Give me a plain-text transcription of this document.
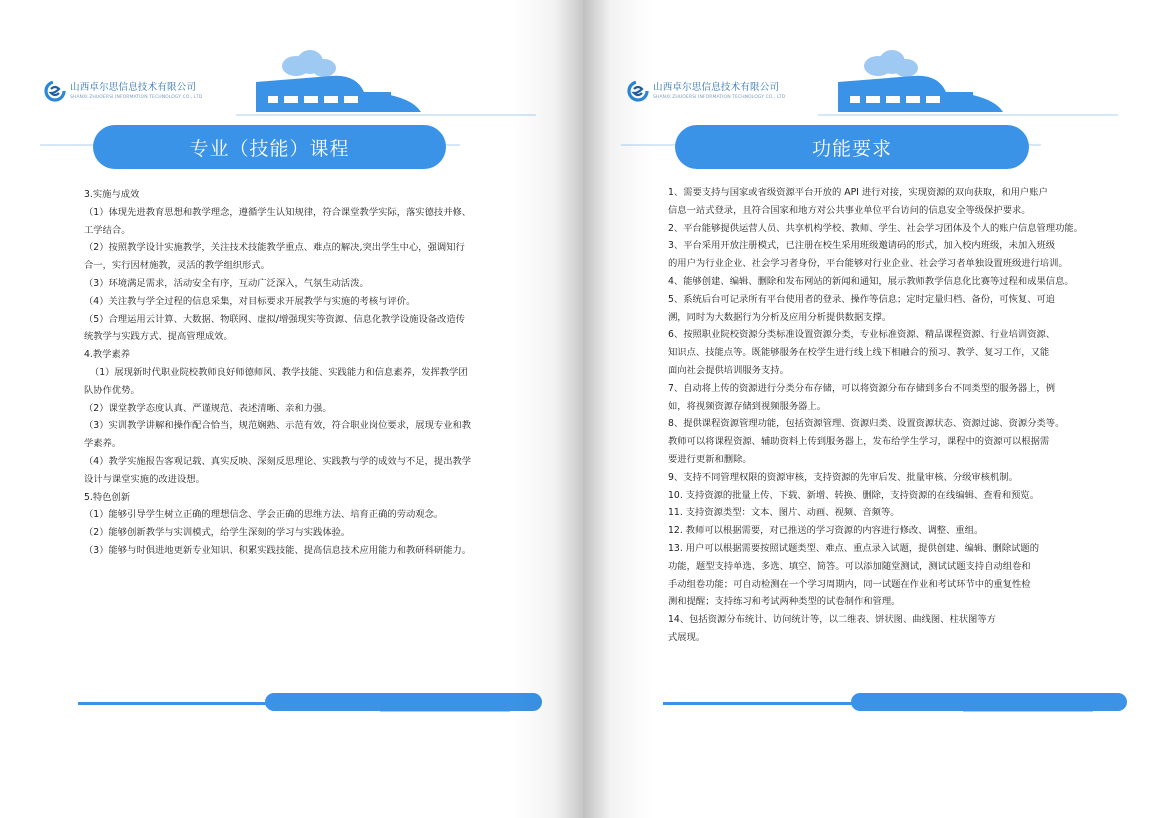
山西卓尔思信息技术有限公司
SHANXI ZHUOERSI INFORMATION TECHNOLOGY CO., LTD
专业（技能）课程

3.实施与成效

（1）体现先进教育思想和教学理念，遵循学生认知规律，符合课堂教学实际，落实德技并修、

工学结合。

（2）按照教学设计实施教学，关注技术技能教学重点、难点的解决,突出学生中心，强调知行

合一，实行因材施教，灵活的教学组织形式。

（3）环境满足需求，活动安全有序，互动广泛深入，气氛生动活泼。

（4）关注教与学全过程的信息采集，对目标要求开展教学与实施的考核与评价。

（5）合理运用云计算、大数据、物联网、虚拟/增强现实等资源、信息化教学设施设备改造传

统教学与实践方式、提高管理成效。

4.教学素养

（1）展现新时代职业院校教师良好师德师风、教学技能、实践能力和信息素养，发挥教学团

队协作优势。

（2）课堂教学态度认真、严谨规范、表述清晰、亲和力强。

（3）实训教学讲解和操作配合恰当，规范娴熟、示范有效，符合职业岗位要求，展现专业和教

学素养。

（4）教学实施报告客观记载、真实反映、深刻反思理论、实践教与学的成效与不足，提出教学

设计与课堂实施的改进设想。

5.特色创新

（1）能够引导学生树立正确的理想信念、学会正确的思维方法、培育正确的劳动观念。

（2）能够创新教学与实训模式，给学生深刻的学习与实践体验。

（3）能够与时俱进地更新专业知识、积累实践技能、提高信息技术应用能力和教研科研能力。

山西卓尔思信息技术有限公司
SHANXI ZHUOERSI INFORMATION TECHNOLOGY CO., LTD
功能要求

1、需要支持与国家或省级资源平台开放的 API 进行对接，实现资源的双向获取，和用户账户

信息一站式登录，且符合国家和地方对公共事业单位平台访问的信息安全等级保护要求。

2、平台能够提供运营人员、共享机构学校、教师、学生、社会学习团体及个人的账户信息管理功能。

3、平台采用开放注册模式，已注册在校生采用班级邀请码的形式，加入校内班级，未加入班级

的用户为行业企业、社会学习者身份，平台能够对行业企业、社会学习者单独设置班级进行培训。

4、能够创建、编辑、删除和发布网站的新闻和通知，展示教师教学信息化比赛等过程和成果信息。

5、系统后台可记录所有平台使用者的登录、操作等信息；定时定量归档、备份，可恢复、可追

溯，同时为大数据行为分析及应用分析提供数据支撑。

6、按照职业院校资源分类标准设置资源分类，专业标准资源、精品课程资源、行业培训资源、

知识点、技能点等。既能够服务在校学生进行线上线下相融合的预习、教学、复习工作，又能

面向社会提供培训服务支持。

7、自动将上传的资源进行分类分布存储，可以将资源分布存储到多台不同类型的服务器上，例

如，将视频资源存储到视频服务器上。

8、提供课程资源管理功能，包括资源管理、资源归类、设置资源状态、资源过滤、资源分类等。

教师可以将课程资源、辅助资料上传到服务器上，发布给学生学习，课程中的资源可以根据需

要进行更新和删除。

9、支持不同管理权限的资源审核，支持资源的先审后发、批量审核、分级审核机制。

10. 支持资源的批量上传、下载、新增、转换、删除，支持资源的在线编辑、查看和预览。

11. 支持资源类型：文本、图片、动画、视频、音频等。

12. 教师可以根据需要，对已推送的学习资源的内容进行修改、调整、重组。

13. 用户可以根据需要按照试题类型、难点、重点录入试题，提供创建、编辑、删除试题的

功能，题型支持单选、多选、填空、简答。可以添加随堂测试，测试试题支持自动组卷和

手动组卷功能；可自动检测在一个学习周期内，同一试题在作业和考试环节中的重复性检

测和提醒；支持练习和考试两种类型的试卷制作和管理。

14、包括资源分布统计、访问统计等，以二维表、饼状图、曲线图、柱状图等方

式展现。
